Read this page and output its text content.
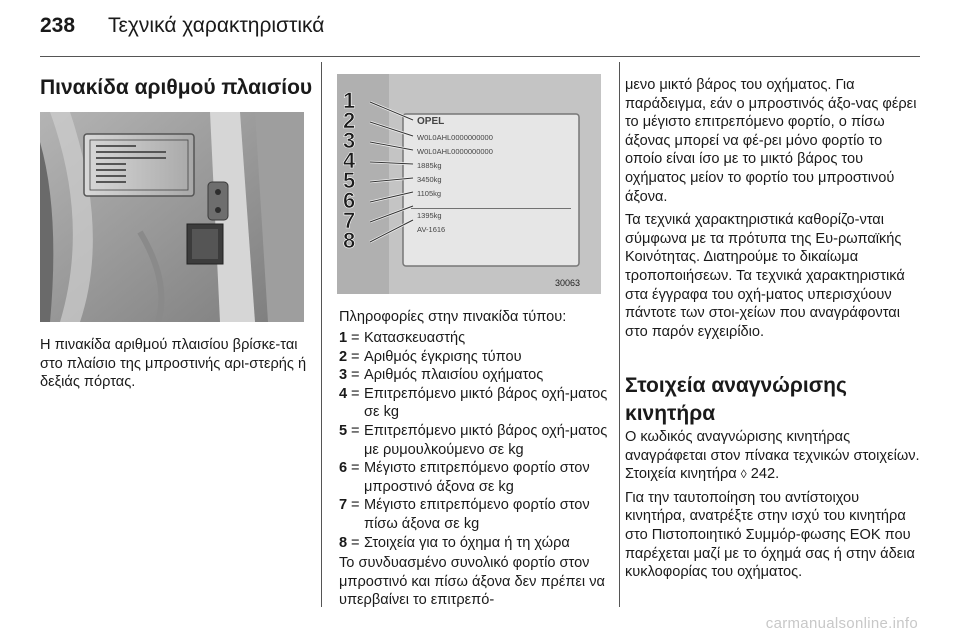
238 Τεχνικά χαρακτηριστικά
Πινακίδα αριθμού πλαισίου

Η πινακίδα αριθμού πλαισίου βρίσκε-ται στο πλαίσιο της μπροστινής αρι-στερής ή δεξιάς πόρτας.

1
2
3
4
5
6
7
8
OPEL
W0L0AHL0000000000
W0L0AHL0000000000
1885kg
3450kg
1105kg
1395kg
AV-1616
30063

Πληροφορίες στην πινακίδα τύπου:

1 = Κατασκευαστής
2 = Αριθμός έγκρισης τύπου
3 = Αριθμός πλαισίου οχήματος
4 = Επιτρεπόμενο μικτό βάρος οχή-ματος σε kg
5 = Επιτρεπόμενο μικτό βάρος οχή-ματος με ρυμουλκούμενο σε kg
6 = Μέγιστο επιτρεπόμενο φορτίο στον μπροστινό άξονα σε kg
7 = Μέγιστο επιτρεπόμενο φορτίο στον πίσω άξονα σε kg
8 = Στοιχεία για το όχημα ή τη χώρα

Το συνδυασμένο συνολικό φορτίο στον μπροστινό και πίσω άξονα δεν πρέπει να υπερβαίνει το επιτρεπό-

μενο μικτό βάρος του οχήματος. Για παράδειγμα, εάν ο μπροστινός άξο-νας φέρει το μέγιστο επιτρεπόμενο φορτίο, ο πίσω άξονας μπορεί να φέ-ρει μόνο φορτίο το οποίο είναι ίσο με το μικτό βάρος του οχήματος μείον το φορτίο του μπροστινού άξονα.

Τα τεχνικά χαρακτηριστικά καθορίζο-νται σύμφωνα με τα πρότυπα της Ευ-ρωπαϊκής Κοινότητας. Διατηρούμε το δικαίωμα τροποποιήσεων. Τα τεχνικά χαρακτηριστικά στα έγγραφα του οχή-ματος υπερισχύουν πάντοτε των στοι-χείων που αναγράφονται στο παρόν εγχειρίδιο.

Στοιχεία αναγνώρισης κινητήρα

Ο κωδικός αναγνώρισης κινητήρας αναγράφεται στον πίνακα τεχνικών στοιχείων. Στοιχεία κινητήρα ◊ 242.

Για την ταυτοποίηση του αντίστοιχου κινητήρα, ανατρέξτε στην ισχύ του κινητήρα στο Πιστοποιητικό Συμμόρ-φωσης ΕΟΚ που παρέχεται μαζί με το όχημά σας ή στην άδεια κυκλοφορίας του οχήματος.

carmanualsonline.info
